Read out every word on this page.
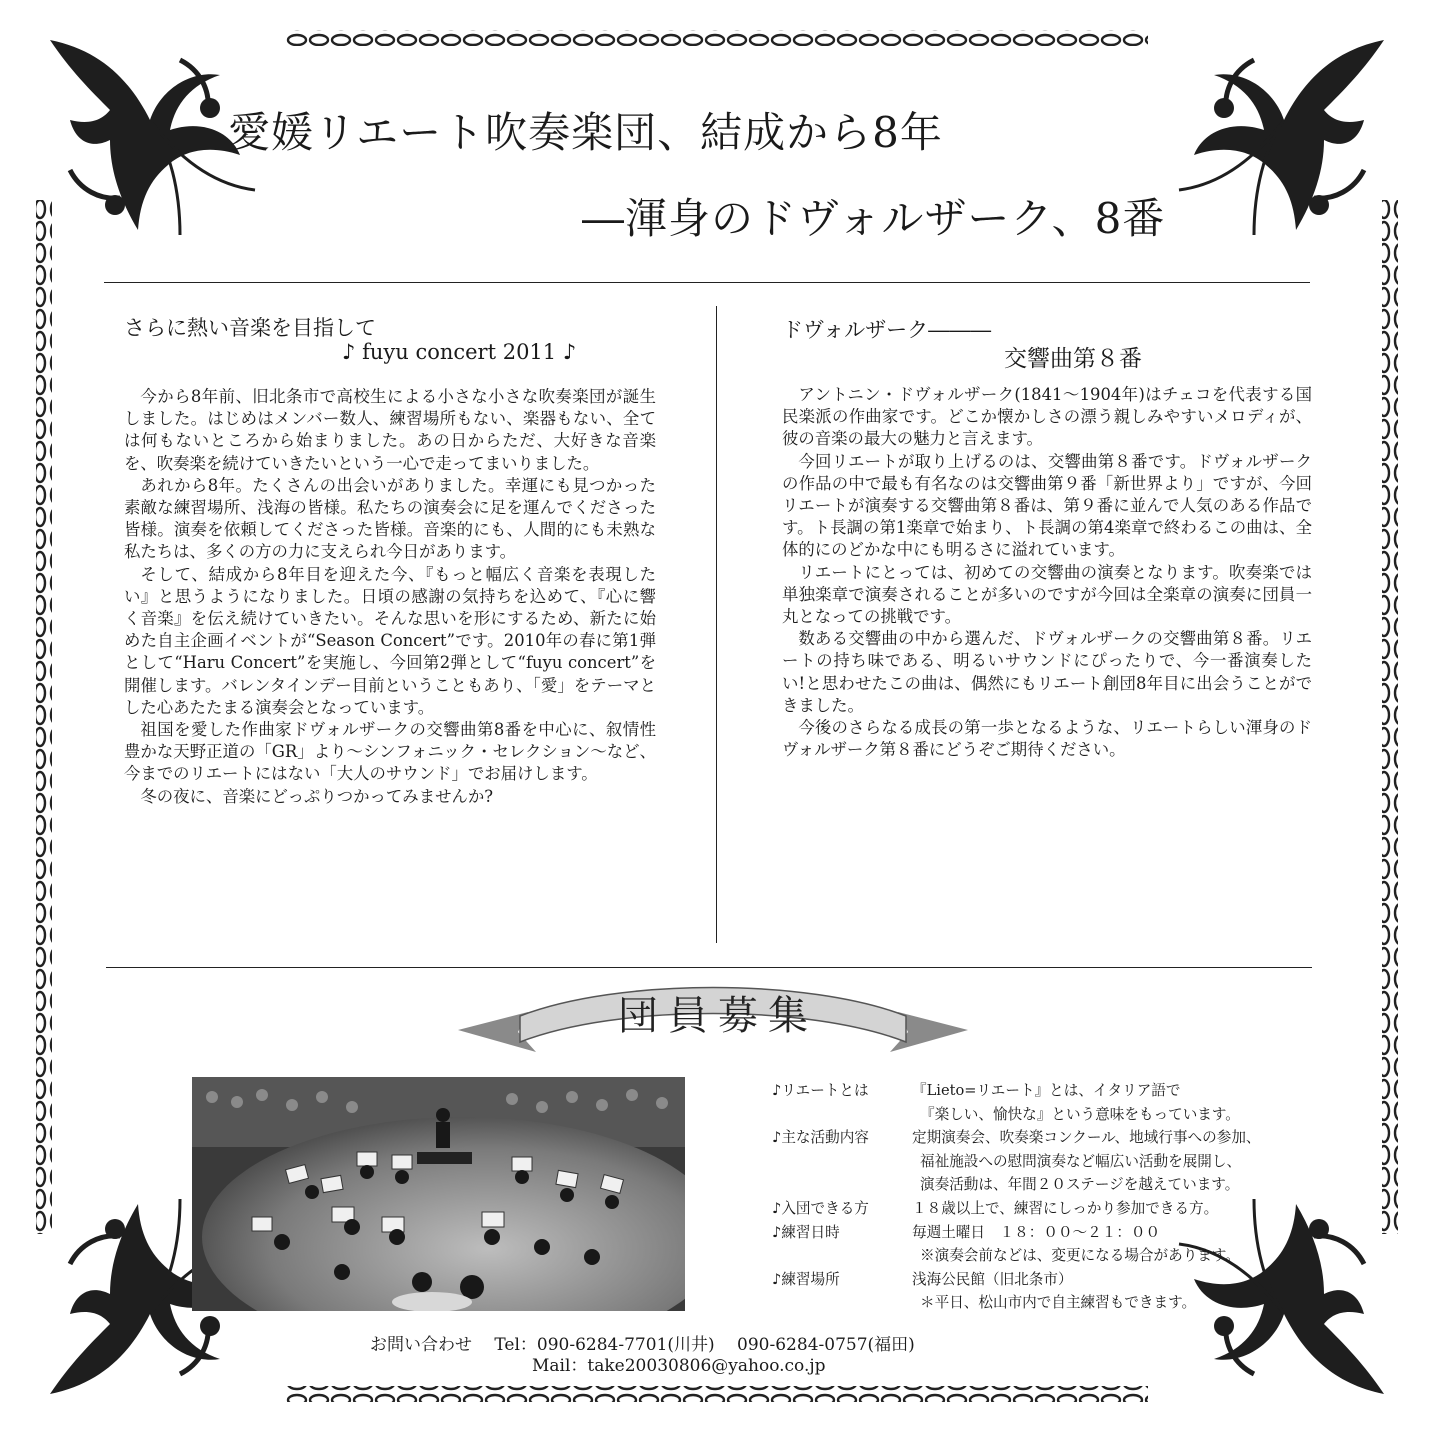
愛媛リエート吹奏楽団、結成から8年
―渾身のドヴォルザーク、8番
さらに熱い音楽を目指して
♪ fuyu concert 2011 ♪

今から8年前、旧北条市で高校生による小さな小さな吹奏楽団が誕生しました。はじめはメンバー数人、練習場所もない、楽器もない、全ては何もないところから始まりました。あの日からただ、大好きな音楽を、吹奏楽を続けていきたいという一心で走ってまいりました。

あれから8年。たくさんの出会いがありました。幸運にも見つかった素敵な練習場所、浅海の皆様。私たちの演奏会に足を運んでくださった皆様。演奏を依頼してくださった皆様。音楽的にも、人間的にも未熟な私たちは、多くの方の力に支えられ今日があります。

そして、結成から8年目を迎えた今、『もっと幅広く音楽を表現したい』と思うようになりました。日頃の感謝の気持ちを込めて、『心に響く音楽』を伝え続けていきたい。そんな思いを形にするため、新たに始めた自主企画イベントが“Season Concert”です。2010年の春に第1弾として“Haru Concert”を実施し、今回第2弾として“fuyu concert”を開催します。バレンタインデー目前ということもあり、「愛」をテーマとした心あたたまる演奏会となっています。

祖国を愛した作曲家ドヴォルザークの交響曲第8番を中心に、叙情性豊かな天野正道の「GR」より〜シンフォニック・セレクション〜など、今までのリエートにはない「大人のサウンド」でお届けします。

冬の夜に、音楽にどっぷりつかってみませんか?

ドヴォルザーク―――
交響曲第８番

アントニン・ドヴォルザーク(1841〜1904年)はチェコを代表する国民楽派の作曲家です。どこか懐かしさの漂う親しみやすいメロディが、彼の音楽の最大の魅力と言えます。

今回リエートが取り上げるのは、交響曲第８番です。ドヴォルザークの作品の中で最も有名なのは交響曲第９番「新世界より」ですが、今回リエートが演奏する交響曲第８番は、第９番に並んで人気のある作品です。ト長調の第1楽章で始まり、ト長調の第4楽章で終わるこの曲は、全体的にのどかな中にも明るさに溢れています。

リエートにとっては、初めての交響曲の演奏となります。吹奏楽では単独楽章で演奏されることが多いのですが今回は全楽章の演奏に団員一丸となっての挑戦です。

数ある交響曲の中から選んだ、ドヴォルザークの交響曲第８番。リエートの持ち味である、明るいサウンドにぴったりで、今一番演奏したい!と思わせたこの曲は、偶然にもリエート創団8年目に出会うことができました。

今後のさらなる成長の第一歩となるような、リエートらしい渾身のドヴォルザーク第８番にどうぞご期待ください。

団員募集
♪リエートとは	『Lieto=リエート』とは、イタリア語で
『楽しい、愉快な』という意味をもっています。
♪主な活動内容	定期演奏会、吹奏楽コンクール、地域行事への参加、
福祉施設への慰問演奏など幅広い活動を展開し、
演奏活動は、年間２０ステージを越えています。
♪入団できる方	１８歳以上で、練習にしっかり参加できる方。
♪練習日時	毎週土曜日　１８：００〜２１：００
※演奏会前などは、変更になる場合があります。
♪練習場所	浅海公民館（旧北条市）
＊平日、松山市内で自主練習もできます。
お問い合わせ　 Tel：090-6284-7701(川井)　 090-6284-0757(福田)
Mail：take20030806@yahoo.co.jp
